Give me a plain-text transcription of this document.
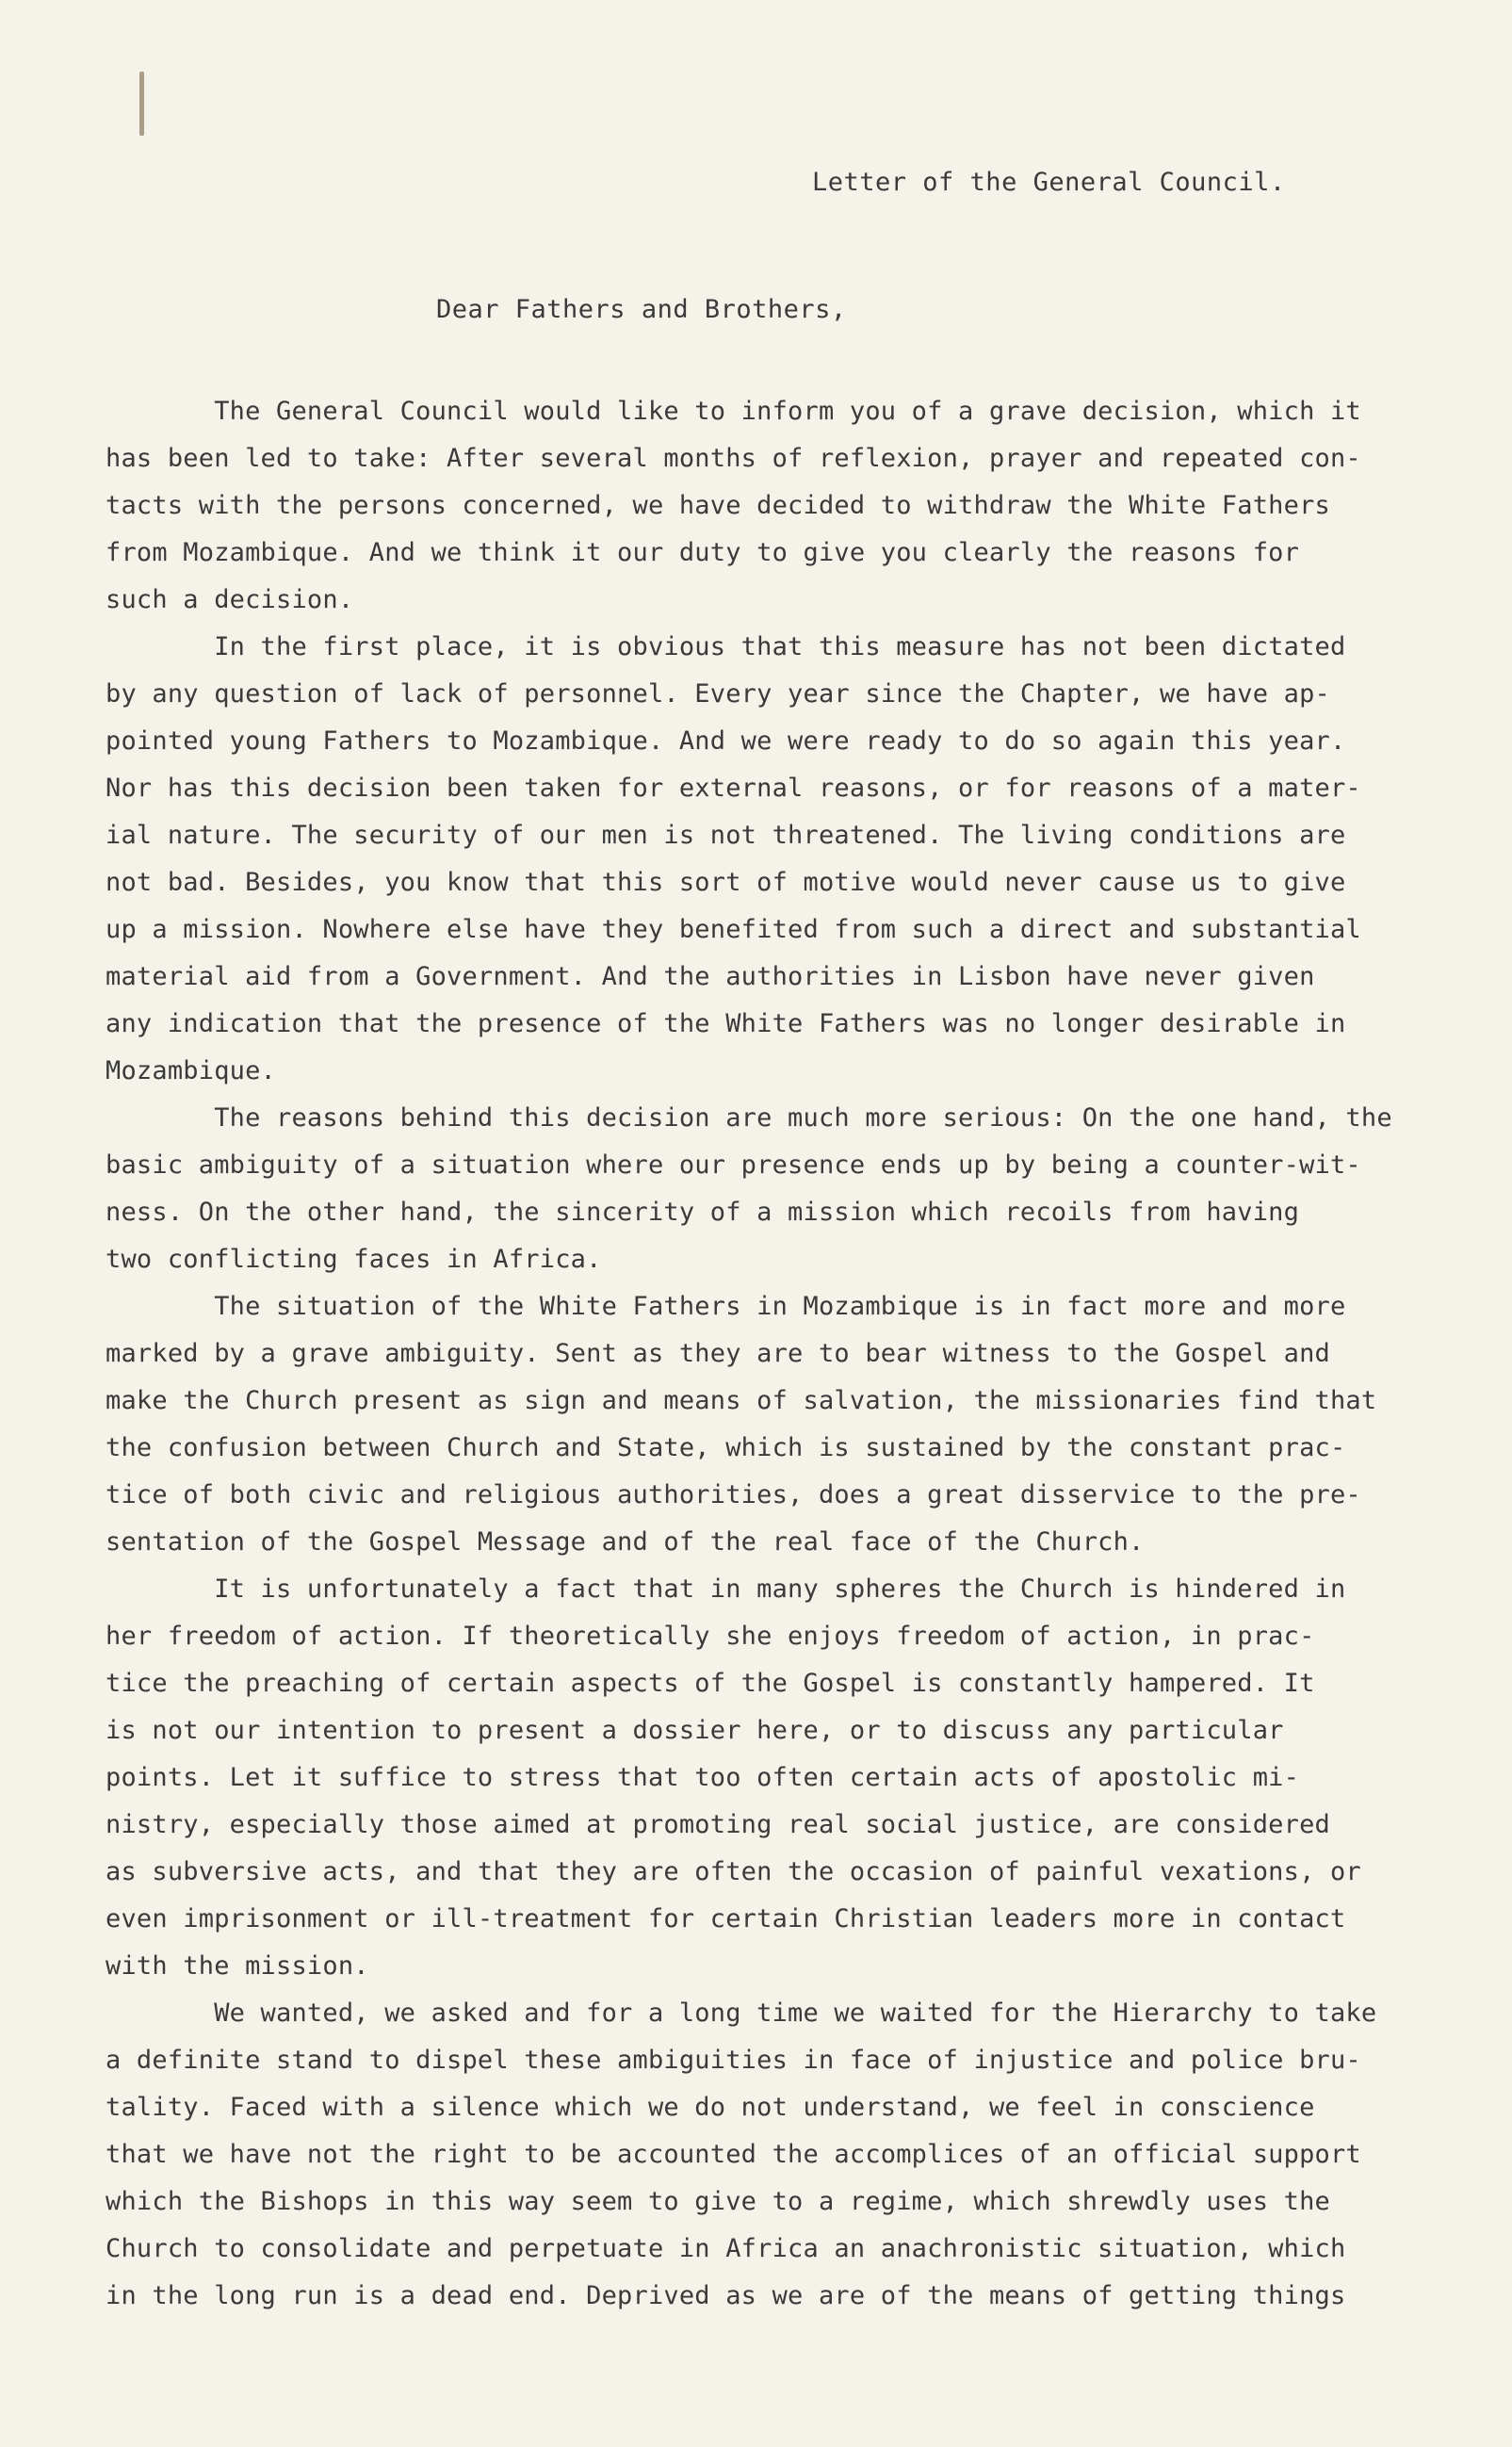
Letter of the General Council.
Dear Fathers and Brothers,
The General Council would like to inform you of a grave decision, which it
has been led to take: After several months of reflexion, prayer and repeated con-
tacts with the persons concerned, we have decided to withdraw the White Fathers
from Mozambique. And we think it our duty to give you clearly the reasons for
such a decision.
In the first place, it is obvious that this measure has not been dictated
by any question of lack of personnel. Every year since the Chapter, we have ap-
pointed young Fathers to Mozambique. And we were ready to do so again this year.
Nor has this decision been taken for external reasons, or for reasons of a mater-
ial nature. The security of our men is not threatened. The living conditions are
not bad. Besides, you know that this sort of motive would never cause us to give
up a mission. Nowhere else have they benefited from such a direct and substantial
material aid from a Government. And the authorities in Lisbon have never given
any indication that the presence of the White Fathers was no longer desirable in
Mozambique.
The reasons behind this decision are much more serious: On the one hand, the
basic ambiguity of a situation where our presence ends up by being a counter-wit-
ness. On the other hand, the sincerity of a mission which recoils from having
two conflicting faces in Africa.
The situation of the White Fathers in Mozambique is in fact more and more
marked by a grave ambiguity. Sent as they are to bear witness to the Gospel and
make the Church present as sign and means of salvation, the missionaries find that
the confusion between Church and State, which is sustained by the constant prac-
tice of both civic and religious authorities, does a great disservice to the pre-
sentation of the Gospel Message and of the real face of the Church.
It is unfortunately a fact that in many spheres the Church is hindered in
her freedom of action. If theoretically she enjoys freedom of action, in prac-
tice the preaching of certain aspects of the Gospel is constantly hampered. It
is not our intention to present a dossier here, or to discuss any particular
points. Let it suffice to stress that too often certain acts of apostolic mi-
nistry, especially those aimed at promoting real social justice, are considered
as subversive acts, and that they are often the occasion of painful vexations, or
even imprisonment or ill-treatment for certain Christian leaders more in contact
with the mission.
We wanted, we asked and for a long time we waited for the Hierarchy to take
a definite stand to dispel these ambiguities in face of injustice and police bru-
tality. Faced with a silence which we do not understand, we feel in conscience
that we have not the right to be accounted the accomplices of an official support
which the Bishops in this way seem to give to a regime, which shrewdly uses the
Church to consolidate and perpetuate in Africa an anachronistic situation, which
in the long run is a dead end. Deprived as we are of the means of getting things
